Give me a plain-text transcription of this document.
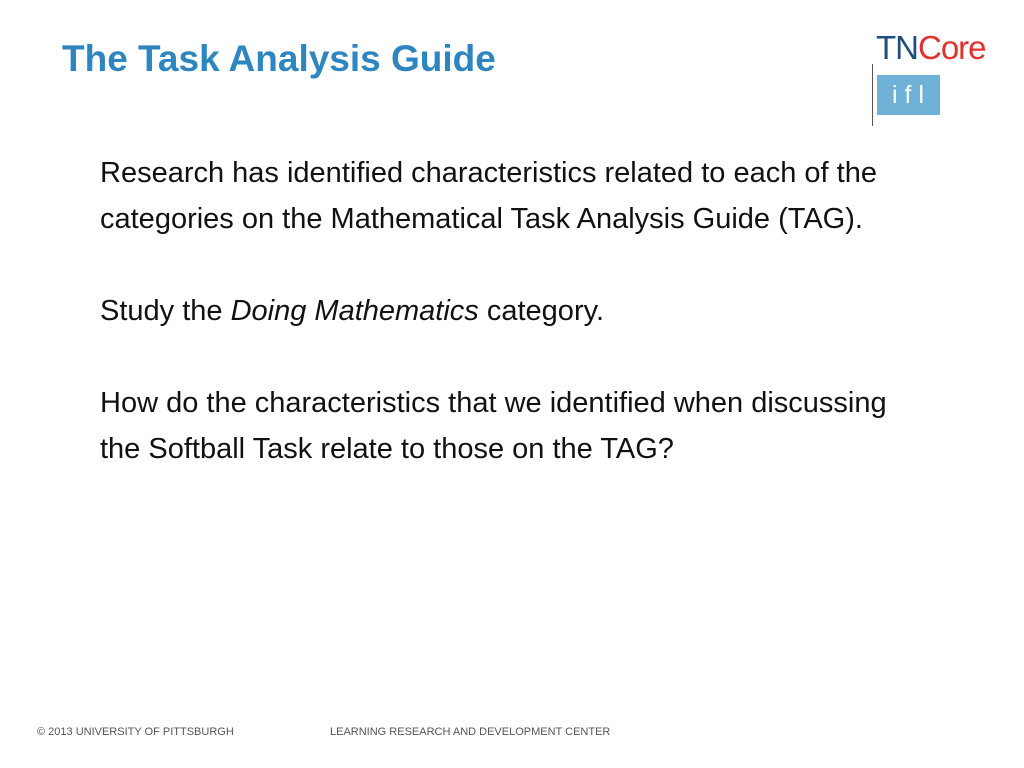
The Task Analysis Guide	TNCore
ifl

Research has identified characteristics related to each of the categories on the Mathematical Task Analysis Guide (TAG).

Study the Doing Mathematics category.

How do the characteristics that we identified when discussing the Softball Task relate to those on the TAG?

© 2013 UNIVERSITY OF PITTSBURGH	LEARNING RESEARCH AND DEVELOPMENT CENTER
